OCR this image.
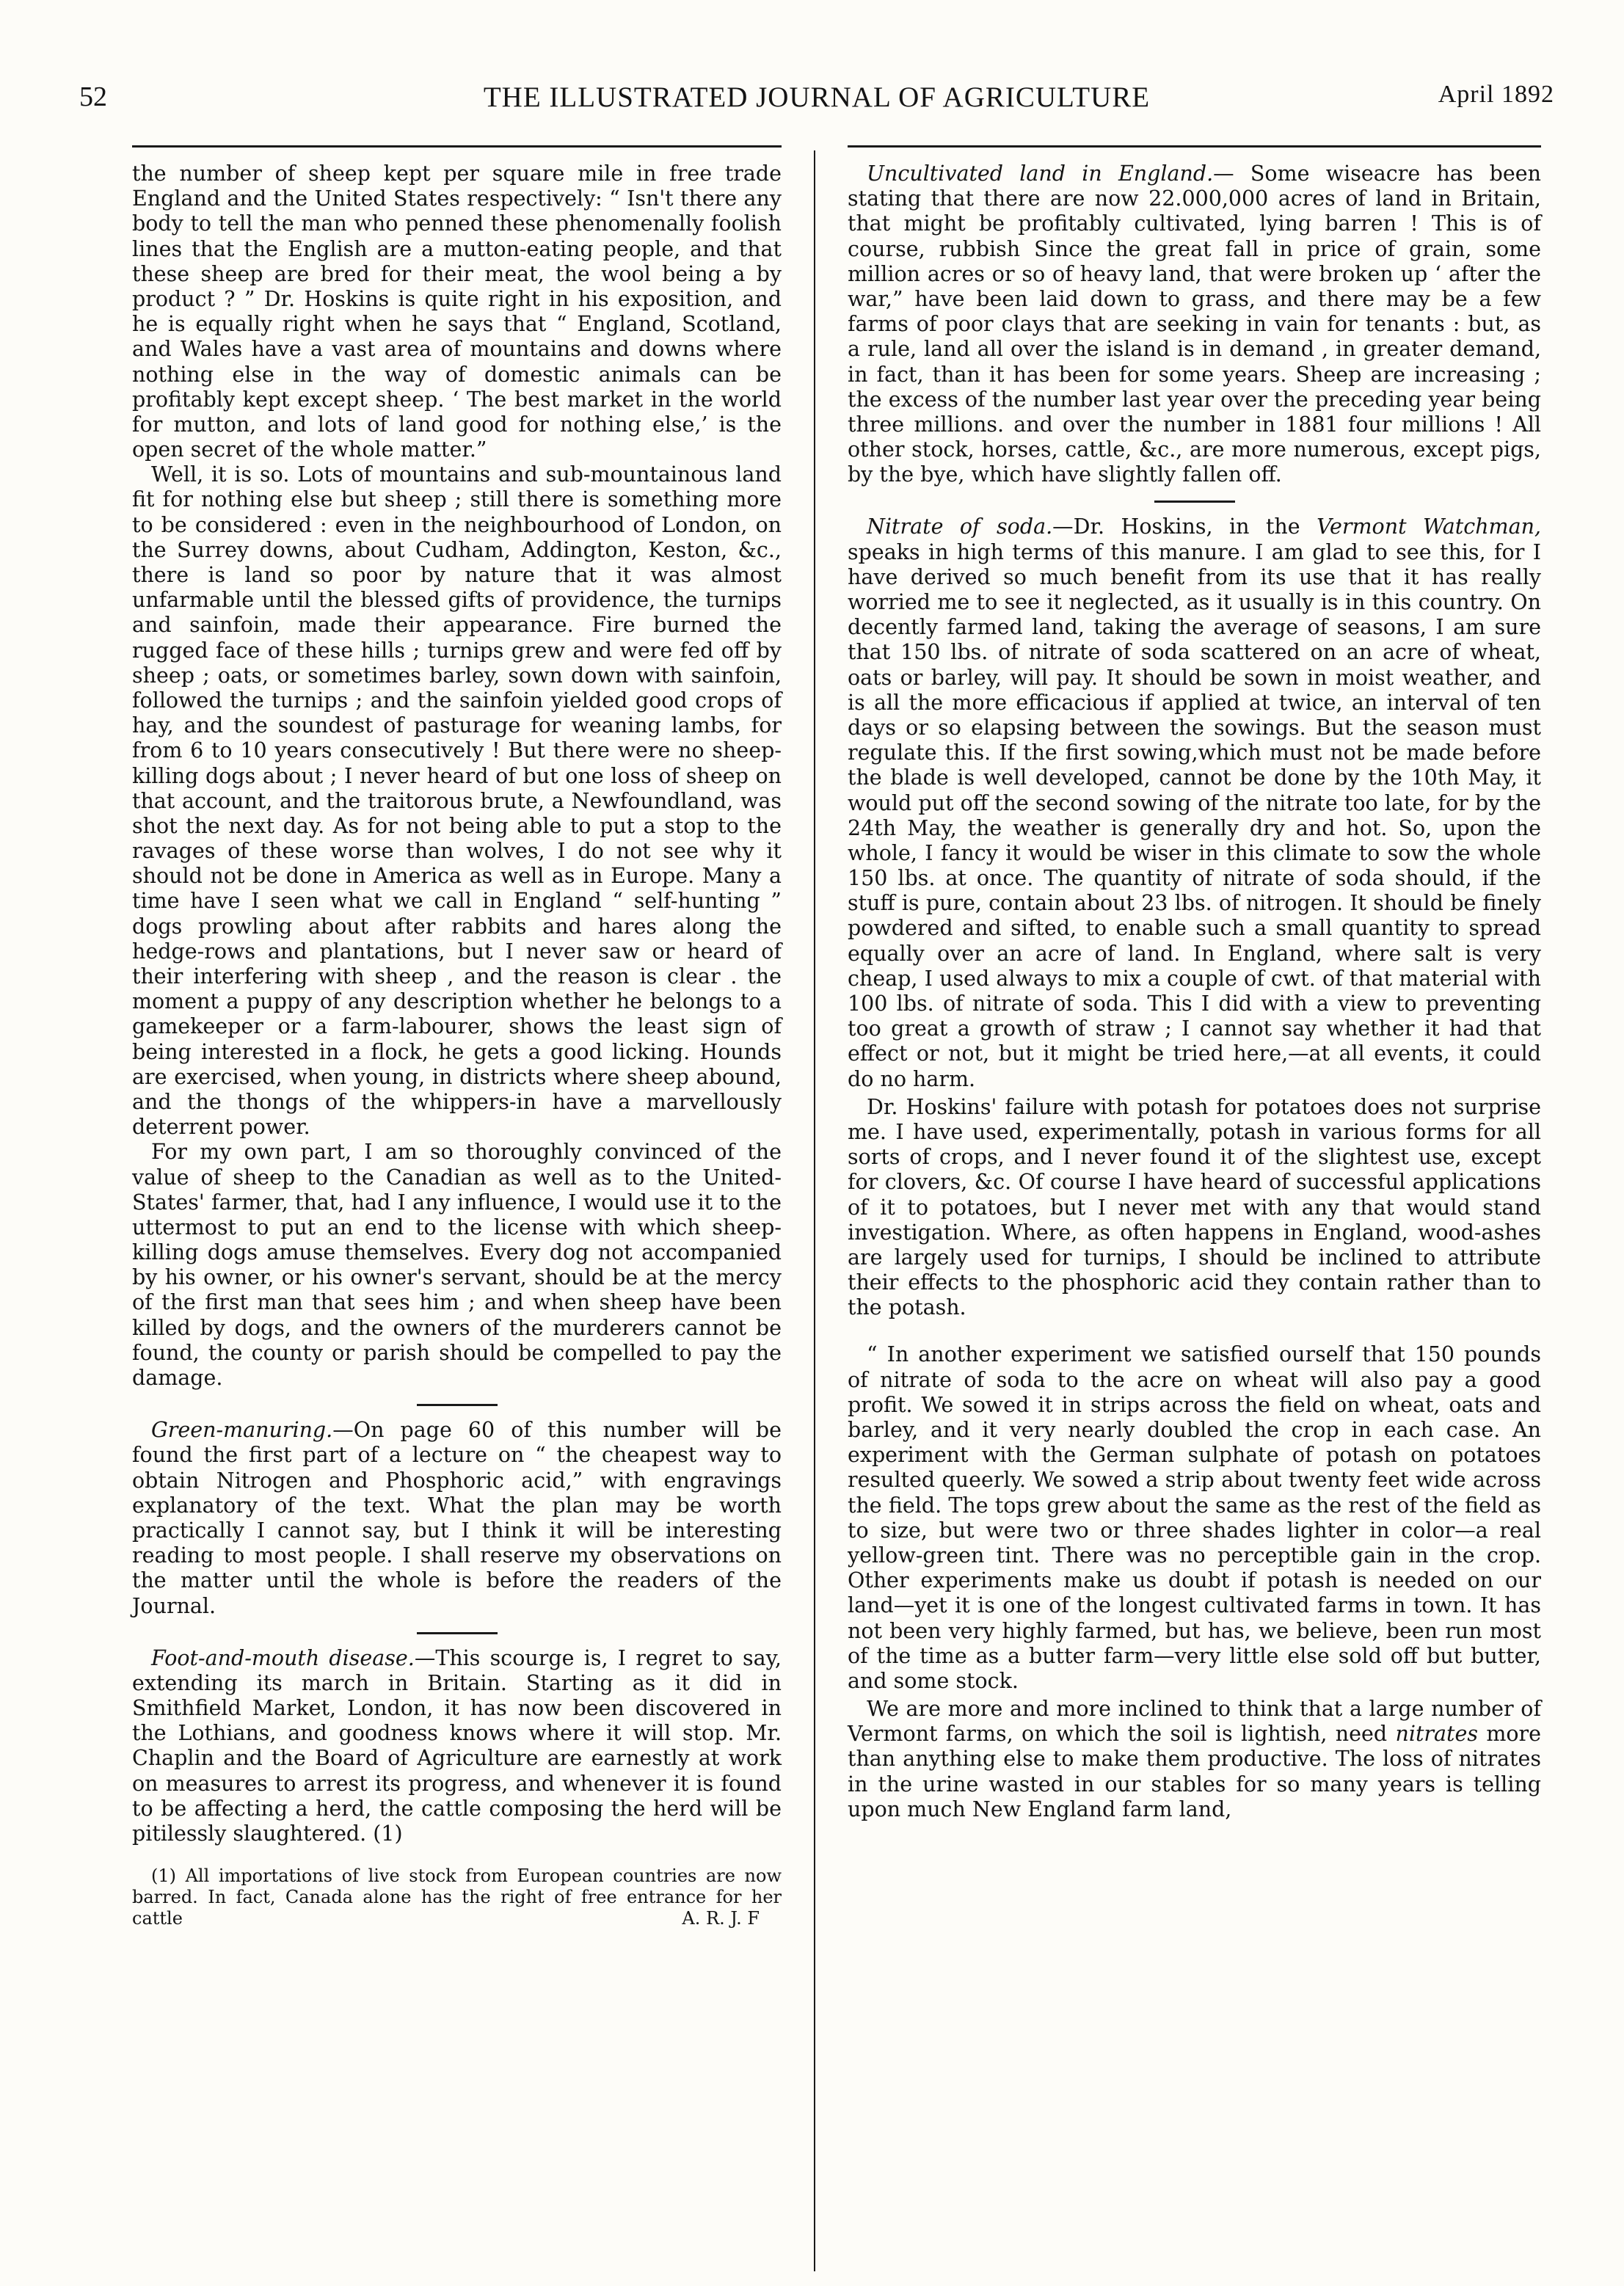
52	THE ILLUSTRATED JOURNAL OF AGRICULTURE	April 1892

the number of sheep kept per square mile in free trade England and the United States respectively: “ Isn't there any body to tell the man who penned these phenomenally foolish lines that the English are a mutton-eating people, and that these sheep are bred for their meat, the wool being a by product ? ” Dr. Hoskins is quite right in his exposition, and he is equally right when he says that “ England, Scotland, and Wales have a vast area of mountains and downs where nothing else in the way of domestic animals can be profitably kept except sheep. ‘ The best market in the world for mutton, and lots of land good for nothing else,’ is the open secret of the whole matter.”

Well, it is so. Lots of mountains and sub-mountainous land fit for nothing else but sheep ; still there is something more to be considered : even in the neighbourhood of London, on the Surrey downs, about Cudham, Addington, Keston, &c., there is land so poor by nature that it was almost unfarmable until the blessed gifts of providence, the turnips and sainfoin, made their appearance. Fire burned the rugged face of these hills ; turnips grew and were fed off by sheep ; oats, or sometimes barley, sown down with sainfoin, followed the turnips ; and the sainfoin yielded good crops of hay, and the soundest of pasturage for weaning lambs, for from 6 to 10 years consecutively ! But there were no sheep-killing dogs about ; I never heard of but one loss of sheep on that account, and the traitorous brute, a Newfoundland, was shot the next day. As for not being able to put a stop to the ravages of these worse than wolves, I do not see why it should not be done in America as well as in Europe. Many a time have I seen what we call in England “ self-hunting ” dogs prowling about after rabbits and hares along the hedge-rows and plantations, but I never saw or heard of their interfering with sheep , and the reason is clear . the moment a puppy of any description whether he belongs to a gamekeeper or a farm-labourer, shows the least sign of being interested in a flock, he gets a good licking. Hounds are exercised, when young, in districts where sheep abound, and the thongs of the whippers-in have a marvellously deterrent power.

For my own part, I am so thoroughly convinced of the value of sheep to the Canadian as well as to the United-States' farmer, that, had I any influence, I would use it to the uttermost to put an end to the license with which sheep-killing dogs amuse themselves. Every dog not accompanied by his owner, or his owner's servant, should be at the mercy of the first man that sees him ; and when sheep have been killed by dogs, and the owners of the murderers cannot be found, the county or parish should be compelled to pay the damage.

Green-manuring.—On page 60 of this number will be found the first part of a lecture on “ the cheapest way to obtain Nitrogen and Phosphoric acid,” with engravings explanatory of the text. What the plan may be worth practically I cannot say, but I think it will be interesting reading to most people. I shall reserve my observations on the matter until the whole is before the readers of the Journal.

Foot-and-mouth disease.—This scourge is, I regret to say, extending its march in Britain. Starting as it did in Smithfield Market, London, it has now been discovered in the Lothians, and goodness knows where it will stop. Mr. Chaplin and the Board of Agriculture are earnestly at work on measures to arrest its progress, and whenever it is found to be affecting a herd, the cattle composing the herd will be pitilessly slaughtered. (1)

(1) All importations of live stock from European countries are now barred. In fact, Canada alone has the right of free entrance for her cattle	A. R. J. F

Uncultivated land in England.— Some wiseacre has been stating that there are now 22.000,000 acres of land in Britain, that might be profitably cultivated, lying barren ! This is of course, rubbish Since the great fall in price of grain, some million acres or so of heavy land, that were broken up ‘ after the war,” have been laid down to grass, and there may be a few farms of poor clays that are seeking in vain for tenants : but, as a rule, land all over the island is in demand , in greater demand, in fact, than it has been for some years. Sheep are increasing ; the excess of the number last year over the preceding year being three millions. and over the number in 1881 four millions ! All other stock, horses, cattle, &c., are more numerous, except pigs, by the bye, which have slightly fallen off.

Nitrate of soda.—Dr. Hoskins, in the Vermont Watchman, speaks in high terms of this manure. I am glad to see this, for I have derived so much benefit from its use that it has really worried me to see it neglected, as it usually is in this country. On decently farmed land, taking the average of seasons, I am sure that 150 lbs. of nitrate of soda scattered on an acre of wheat, oats or barley, will pay. It should be sown in moist weather, and is all the more efficacious if applied at twice, an interval of ten days or so elapsing between the sowings. But the season must regulate this. If the first sowing,which must not be made before the blade is well developed, cannot be done by the 10th May, it would put off the second sowing of the nitrate too late, for by the 24th May, the weather is generally dry and hot. So, upon the whole, I fancy it would be wiser in this climate to sow the whole 150 lbs. at once. The quantity of nitrate of soda should, if the stuff is pure, contain about 23 lbs. of nitrogen. It should be finely powdered and sifted, to enable such a small quantity to spread equally over an acre of land. In England, where salt is very cheap, I used always to mix a couple of cwt. of that material with 100 lbs. of nitrate of soda. This I did with a view to preventing too great a growth of straw ; I cannot say whether it had that effect or not, but it might be tried here,—at all events, it could do no harm.

Dr. Hoskins' failure with potash for potatoes does not surprise me. I have used, experimentally, potash in various forms for all sorts of crops, and I never found it of the slightest use, except for clovers, &c. Of course I have heard of successful applications of it to potatoes, but I never met with any that would stand investigation. Where, as often happens in England, wood-ashes are largely used for turnips, I should be inclined to attribute their effects to the phosphoric acid they contain rather than to the potash.

“ In another experiment we satisfied ourself that 150 pounds of nitrate of soda to the acre on wheat will also pay a good profit. We sowed it in strips across the field on wheat, oats and barley, and it very nearly doubled the crop in each case. An experiment with the German sulphate of potash on potatoes resulted queerly. We sowed a strip about twenty feet wide across the field. The tops grew about the same as the rest of the field as to size, but were two or three shades lighter in color—a real yellow-green tint. There was no perceptible gain in the crop. Other experiments make us doubt if potash is needed on our land—yet it is one of the longest cultivated farms in town. It has not been very highly farmed, but has, we believe, been run most of the time as a butter farm—very little else sold off but butter, and some stock.

We are more and more inclined to think that a large number of Vermont farms, on which the soil is lightish, need nitrates more than anything else to make them productive. The loss of nitrates in the urine wasted in our stables for so many years is telling upon much New England farm land,
